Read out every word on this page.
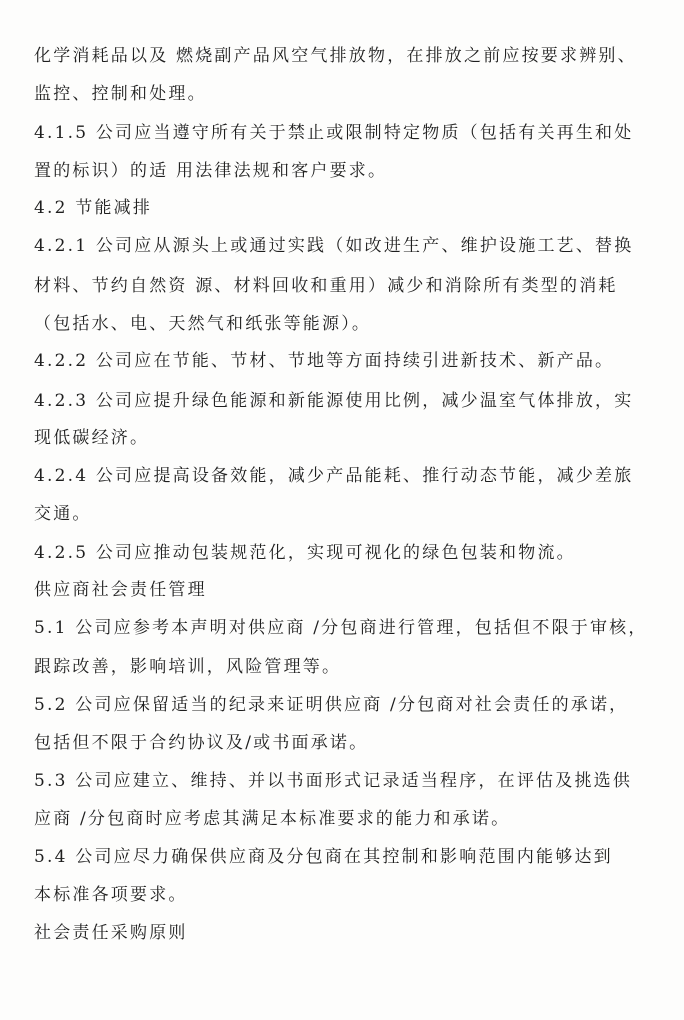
化学消耗品以及 燃烧副产品风空气排放物，在排放之前应按要求辨别、
监控、控制和处理。
4.1.5 公司应当遵守所有关于禁止或限制特定物质（包括有关再生和处
置的标识）的适 用法律法规和客户要求。
4.2 节能减排
4.2.1 公司应从源头上或通过实践（如改进生产、维护设施工艺、替换
材料、节约自然资 源、材料回收和重用）减少和消除所有类型的消耗
（包括水、电、天然气和纸张等能源）。
4.2.2 公司应在节能、节材、节地等方面持续引进新技术、新产品。
4.2.3 公司应提升绿色能源和新能源使用比例，减少温室气体排放，实
现低碳经济。
4.2.4 公司应提高设备效能，减少产品能耗、推行动态节能，减少差旅
交通。
4.2.5 公司应推动包装规范化，实现可视化的绿色包装和物流。
供应商社会责任管理
5.1 公司应参考本声明对供应商 /分包商进行管理，包括但不限于审核，
跟踪改善，影响培训，风险管理等。
5.2 公司应保留适当的纪录来证明供应商 /分包商对社会责任的承诺，
包括但不限于合约协议及/或书面承诺。
5.3 公司应建立、维持、并以书面形式记录适当程序，在评估及挑选供
应商 /分包商时应考虑其满足本标准要求的能力和承诺。
5.4 公司应尽力确保供应商及分包商在其控制和影响范围内能够达到
本标准各项要求。
社会责任采购原则
